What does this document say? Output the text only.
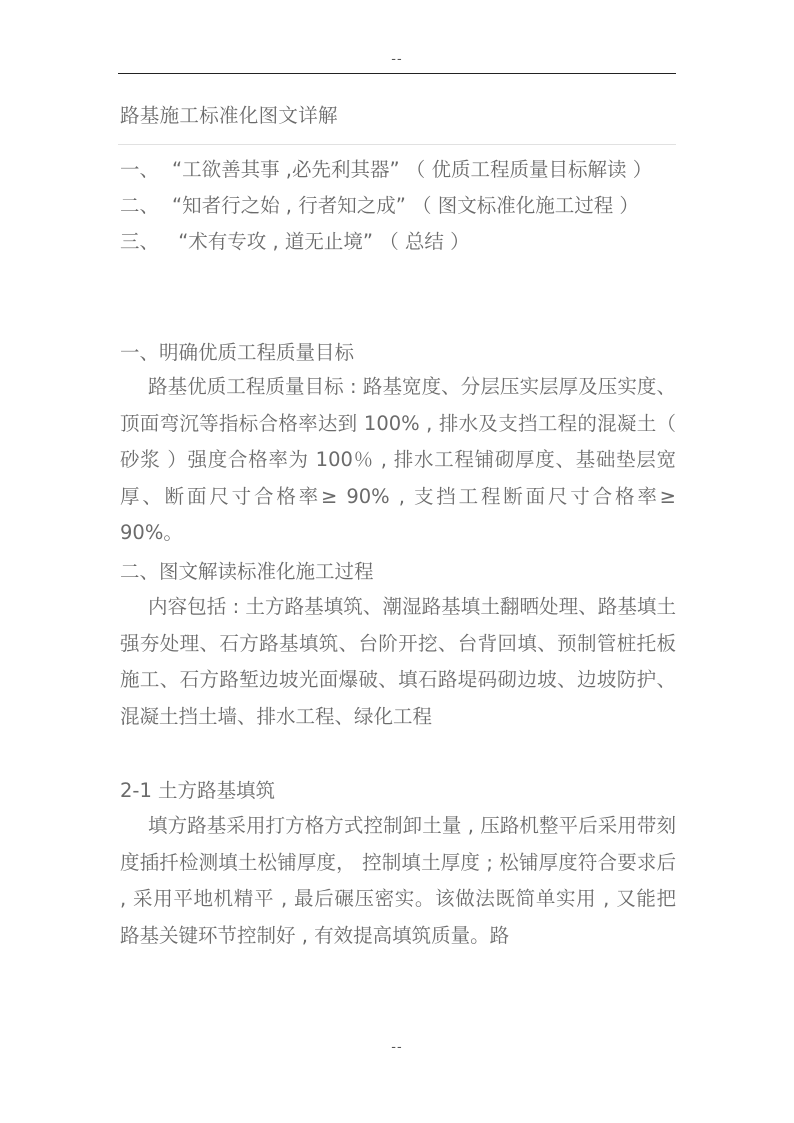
--
路基施工标准化图文详解
一、 “工欲善其事 ,必先利其器” （ 优质工程质量目标解读 ）
二、 “知者行之始 , 行者知之成” （ 图文标准化施工过程 ）
三、 “术有专攻 , 道无止境” （ 总结 ）
一、明确优质工程质量目标

路基优质工程质量目标 : 路基宽度、分层压实层厚及压实度、顶面弯沉等指标合格率达到 100% , 排水及支挡工程的混凝土（ 砂浆 ）强度合格率为 100％ , 排水工程铺砌厚度、基础垫层宽厚、断面尺寸合格率≥ 90% , 支挡工程断面尺寸合格率≥ 90%。

二、图文解读标准化施工过程

内容包括 : 土方路基填筑、潮湿路基填土翻晒处理、路基填土强夯处理、石方路基填筑、台阶开挖、台背回填、预制管桩托板施工、石方路堑边坡光面爆破、填石路堤码砌边坡、边坡防护、混凝土挡土墙、排水工程、绿化工程

2-1 土方路基填筑

填方路基采用打方格方式控制卸土量 , 压路机整平后采用带刻度插扦检测填土松铺厚度， 控制填土厚度 ; 松铺厚度符合要求后 , 采用平地机精平 , 最后碾压密实。该做法既简单实用 , 又能把路基关键环节控制好 , 有效提高填筑质量。路

--
